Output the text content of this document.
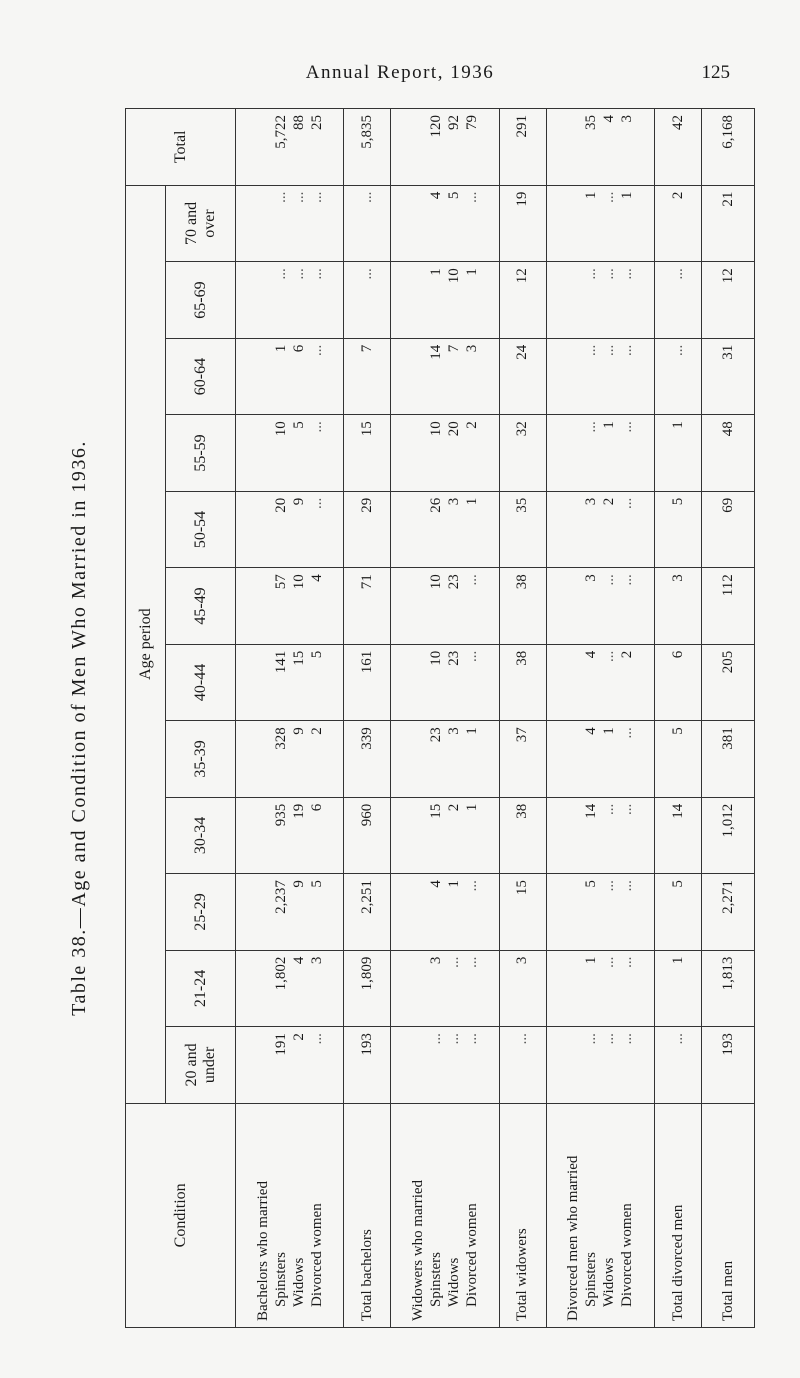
Annual Report, 1936	125
Table 38.—Age and Condition of Men Who Married in 1936.
Condition	Age period												Total
	20 and under	21-24	25-29	30-34	35-39	40-44	45-49	50-54	55-59	60-64	65-69	70 and over	

Bachelors who married Spinsters Widows Divorced women	191 2 ...	1,802 4 3	2,237 9 5	935 19 6	328 9 2	141 15 5	57 10 4	20 9 ...	10 5 ...	1 6 ...	... ... ...	... ... ...	5,722 88 25

Total bachelors	193	1,809	2,251	960	339	161	71	29	15	7	...	...	5,835

Widowers who married Spinsters Widows Divorced women	... ... ...	3 ... ...	4 1 ...	15 2 1	23 3 1	10 23 ...	10 23 ...	26 3 1	10 20 2	14 7 3	1 10 1	4 5 ...	120 92 79

Total widowers	...	3	15	38	37	38	38	35	32	24	12	19	291

Divorced men who married Spinsters Widows Divorced women	... ... ...	1 ... ...	5 ... ...	14 ... ...	4 1 ...	4 ... 2	3 ... ...	3 2 ...	... 1 ...	... ... ...	... ... ...	1 ... 1	35 4 3

Total divorced men	...	1	5	14	5	6	3	5	1	...	...	2	42
Total men	193	1,813	2,271	1,012	381	205	112	69	48	31	12	21	6,168
